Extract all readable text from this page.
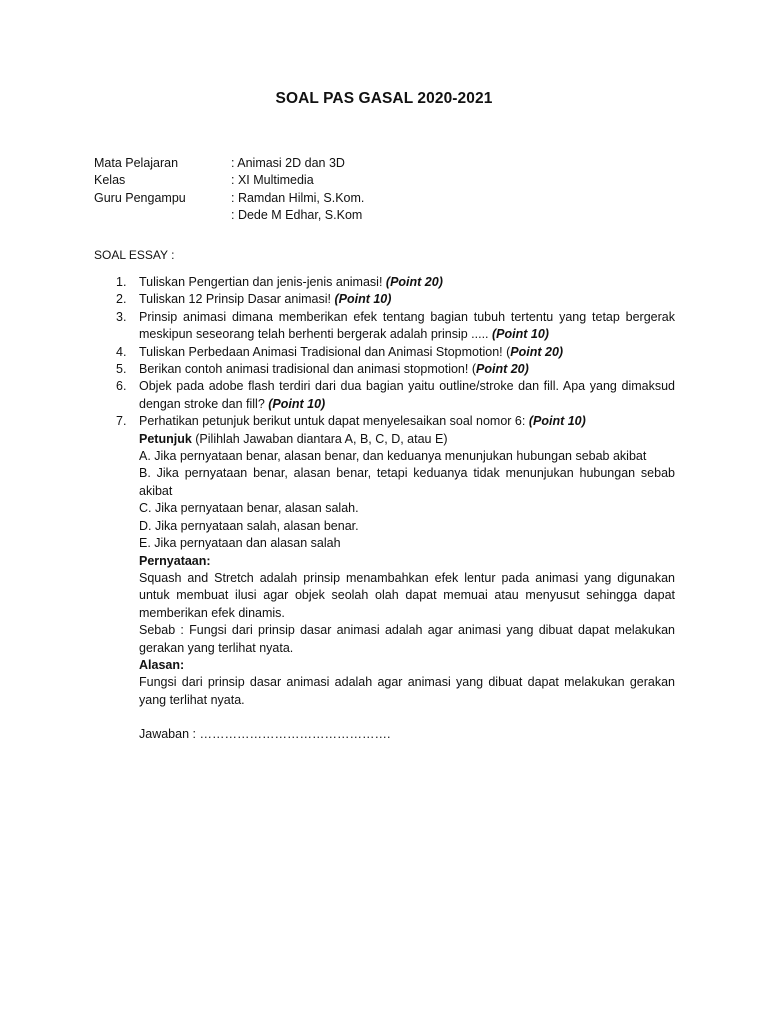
SOAL PAS GASAL 2020-2021
Mata Pelajaran	: Animasi 2D dan 3D
Kelas	: XI Multimedia
Guru Pengampu	: Ramdan Hilmi, S.Kom.
: Dede M Edhar, S.Kom
SOAL ESSAY :
1.	Tuliskan Pengertian dan jenis-jenis animasi! (Point 20)
2.	Tuliskan 12 Prinsip Dasar animasi! (Point 10)
3.	Prinsip animasi dimana memberikan efek tentang bagian tubuh tertentu yang tetap bergerak meskipun seseorang telah berhenti bergerak adalah prinsip ..... (Point 10)
4.	Tuliskan Perbedaan Animasi Tradisional dan Animasi Stopmotion! (Point 20)
5.	Berikan contoh animasi tradisional dan animasi stopmotion! (Point 20)
6.	Objek pada adobe flash terdiri dari dua bagian yaitu outline/stroke dan fill. Apa yang dimaksud dengan stroke dan fill? (Point 10)
7.	Perhatikan petunjuk berikut untuk dapat menyelesaikan soal nomor 6: (Point 10)
Petunjuk (Pilihlah Jawaban diantara A, B, C, D, atau E)
A. Jika pernyataan benar, alasan benar, dan keduanya menunjukan hubungan sebab akibat
B. Jika pernyataan benar, alasan benar, tetapi keduanya tidak menunjukan hubungan sebab akibat
C. Jika pernyataan benar, alasan salah.
D. Jika pernyataan salah, alasan benar.
E. Jika pernyataan dan alasan salah
Pernyataan:
Squash and Stretch adalah prinsip menambahkan efek lentur pada animasi yang digunakan untuk membuat ilusi agar objek seolah olah dapat memuai atau menyusut sehingga dapat memberikan efek dinamis.
Sebab : Fungsi dari prinsip dasar animasi adalah agar animasi yang dibuat dapat melakukan gerakan yang terlihat nyata.
Alasan:
Fungsi dari prinsip dasar animasi adalah agar animasi yang dibuat dapat melakukan gerakan yang terlihat nyata.
Jawaban : ……………………………………….
